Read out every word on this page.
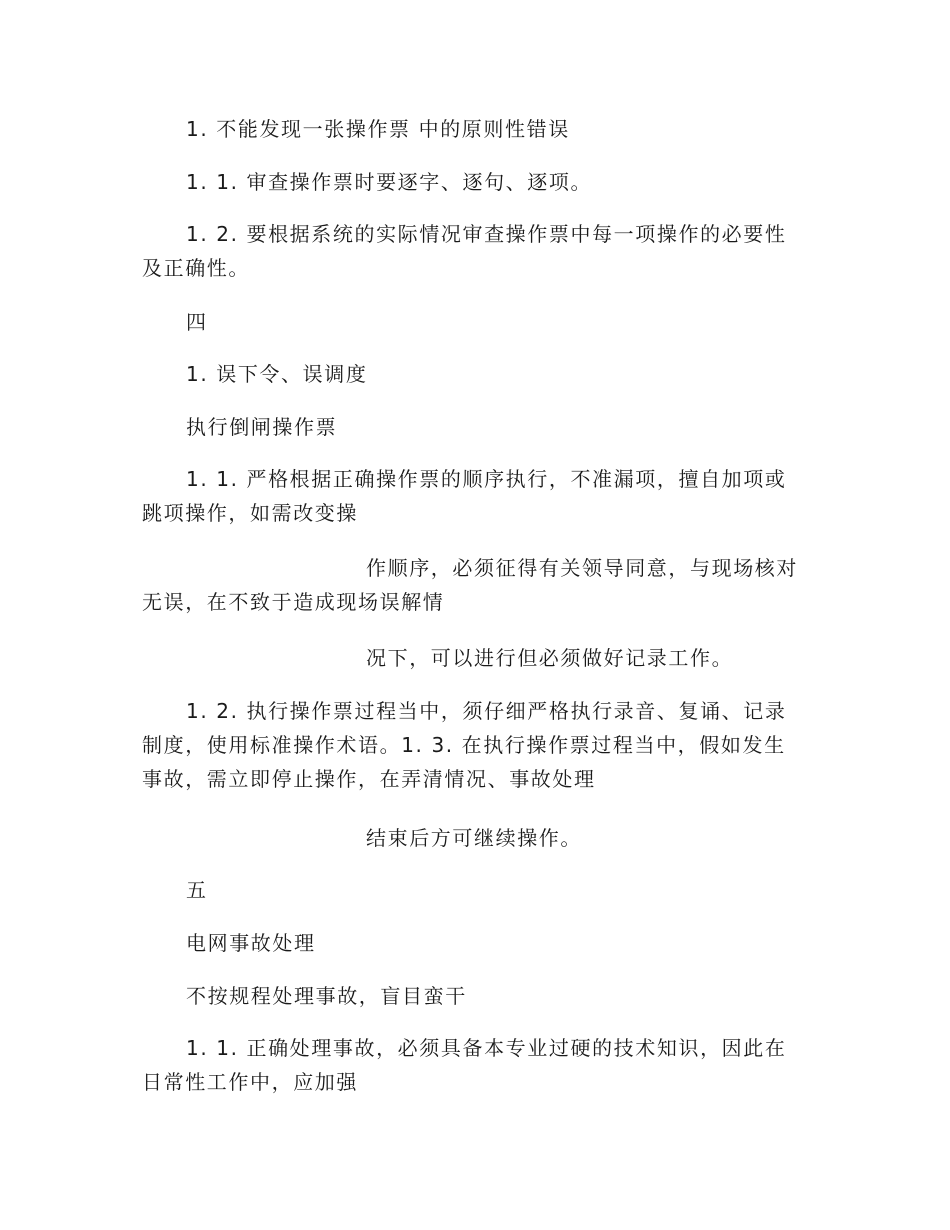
1. 不能发现一张操作票 中的原则性错误

1. 1. 审查操作票时要逐字、逐句、逐项。

1. 2. 要根据系统的实际情况审查操作票中每一项操作的必要性及正确性。

四

1. 误下令、误调度

执行倒闸操作票

1. 1. 严格根据正确操作票的顺序执行，不准漏项，擅自加项或跳项操作，如需改变操

作顺序，必须征得有关领导同意，与现场核对无误，在不致于造成现场误解情

况下，可以进行但必须做好记录工作。

1. 2. 执行操作票过程当中，须仔细严格执行录音、复诵、记录制度，使用标准操作术语。1. 3. 在执行操作票过程当中，假如发生事故，需立即停止操作，在弄清情况、事故处理

结束后方可继续操作。

五

电网事故处理

不按规程处理事故，盲目蛮干

1. 1. 正确处理事故，必须具备本专业过硬的技术知识，因此在日常性工作中，应加强
